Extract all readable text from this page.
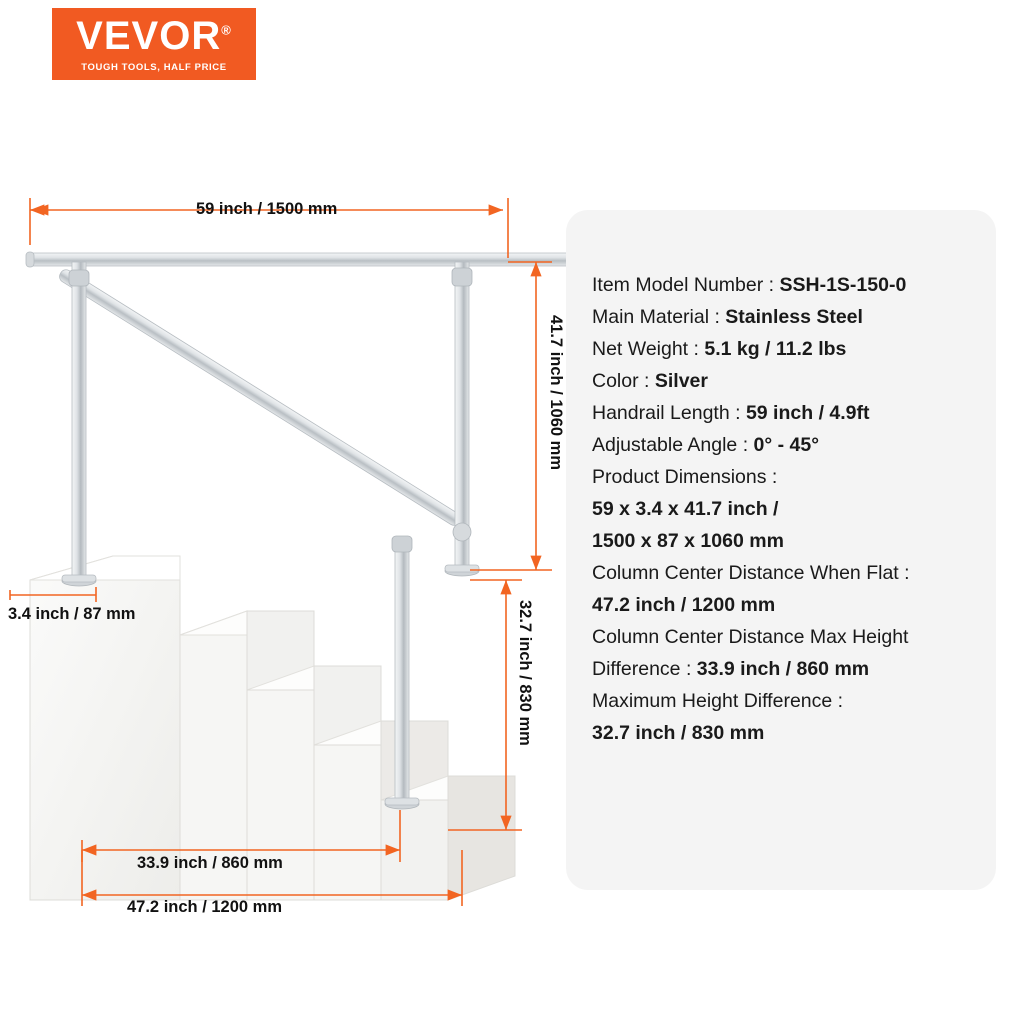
VEVOR®
TOUGH TOOLS, HALF PRICE
59 inch / 1500 mm
41.7 inch / 1060 mm
32.7 inch / 830 mm
3.4 inch / 87 mm
33.9 inch / 860 mm
47.2 inch / 1200 mm
Item Model Number : SSH-1S-150-0
Main Material : Stainless Steel
Net Weight : 5.1 kg / 11.2 lbs
Color : Silver
Handrail Length : 59 inch / 4.9ft
Adjustable Angle : 0° - 45°
Product Dimensions :
59 x 3.4 x 41.7 inch /
1500 x 87 x 1060 mm
Column Center Distance When Flat :
47.2 inch / 1200 mm
Column Center Distance Max Height
Difference : 33.9 inch / 860 mm
Maximum Height Difference :
32.7 inch / 830 mm
